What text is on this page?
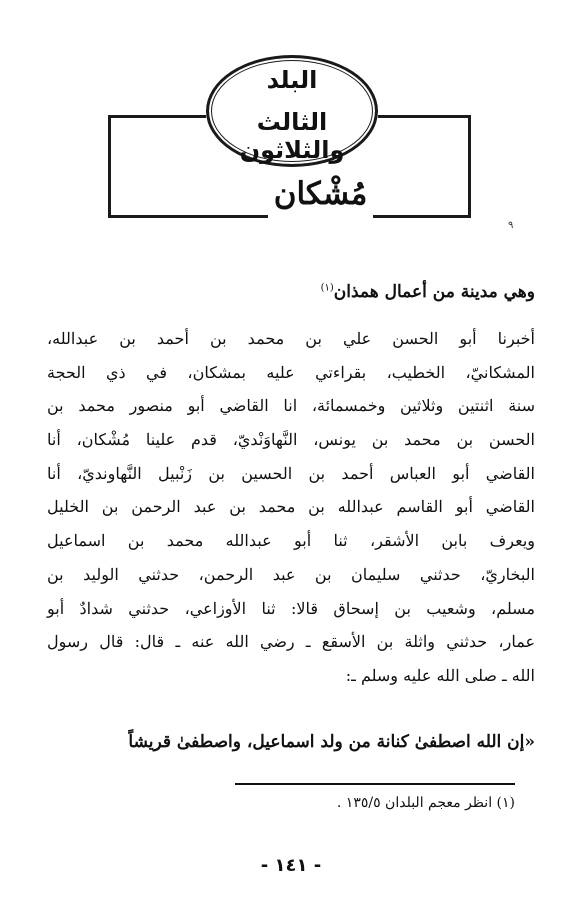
البلد
الثالث والثلاثون
مُشْكان
٩
وهي مدينة من أعمال همذان$^{(١)}$
أخبرنا أبو الحسن علي بن محمد بن أحمد بن عبدالله،
المشكانيّ، الخطيب، بقراءتي عليه بمشكان، في ذي الحجة
سنة اثنتين وثلاثين وخمسمائة، انا القاضي أبو منصور محمد بن
الحسن بن محمد بن يونس، النَّهاوَنْديّ، قدم علينا مُشْكان، أنا
القاضي أبو العباس أحمد بن الحسين بن زَنْبيل النَّهاونديّ، أنا
القاضي أبو القاسم عبدالله بن محمد بن عبد الرحمن بن الخليل
ويعرف بابن الأشقر، ثنا أبو عبدالله محمد بن اسماعيل
البخاريّ، حدثني سليمان بن عبد الرحمن، حدثني الوليد بن
مسلم، وشعيب بن إسحاق قالا: ثنا الأوزاعي، حدثني شدادٌ أبو
عمار، حدثني واثلة بن الأسقع ـ رضي الله عنه ـ قال: قال رسول
الله ـ صلى الله عليه وسلم ـ:
«إن الله اصطفىٰ كنانة من ولد اسماعيل، واصطفىٰ قريشاً
(١) انظر معجم البلدان ١٣٥/٥ .
- ١٤١ -
